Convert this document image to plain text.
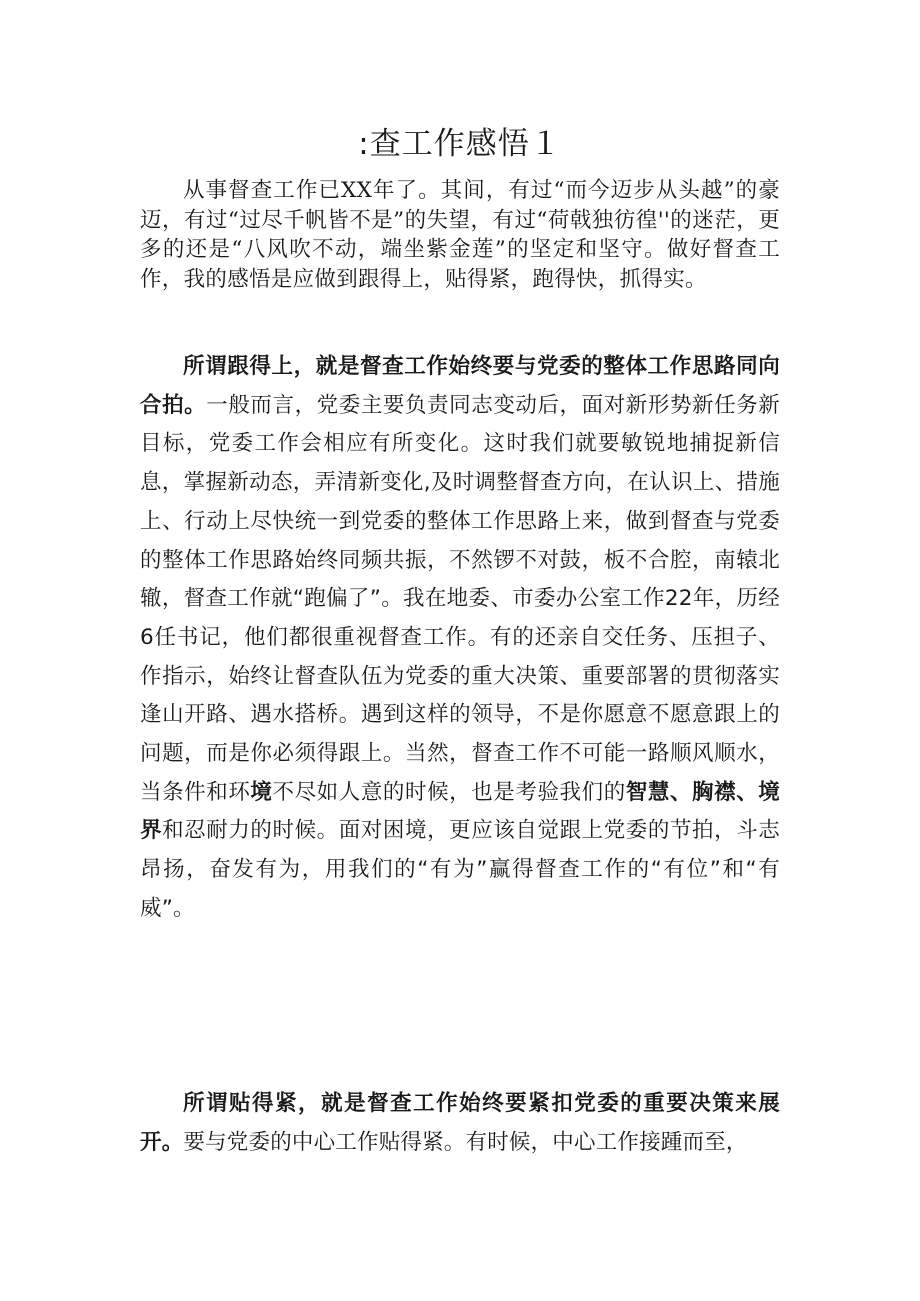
:查工作感悟１

从事督查工作已XX年了。其间，有过“而今迈步从头越”的豪迈，有过“过尽千帆皆不是”的失望，有过“荷戟独彷徨''的迷茫，更多的还是“八风吹不动，端坐紫金莲”的坚定和坚守。做好督查工作，我的感悟是应做到跟得上，贴得紧，跑得快，抓得实。

所谓跟得上，就是督查工作始终要与党委的整体工作思路同向合拍。一般而言，党委主要负责同志变动后，面对新形势新任务新目标，党委工作会相应有所变化。这时我们就要敏锐地捕捉新信息，掌握新动态，弄清新变化,及时调整督查方向，在认识上、措施上、行动上尽快统一到党委的整体工作思路上来，做到督查与党委的整体工作思路始终同频共振，不然锣不对鼓，板不合腔，南辕北辙，督查工作就“跑偏了”。我在地委、市委办公室工作22年，历经6任书记，他们都很重视督查工作。有的还亲自交任务、压担子、作指示，始终让督查队伍为党委的重大决策、重要部署的贯彻落实逢山开路、遇水搭桥。遇到这样的领导，不是你愿意不愿意跟上的问题，而是你必须得跟上。当然，督查工作不可能一路顺风顺水，当条件和环境不尽如人意的时候，也是考验我们的智慧、胸襟、境界和忍耐力的时候。面对困境，更应该自觉跟上党委的节拍，斗志昂扬，奋发有为，用我们的“有为”赢得督查工作的“有位”和“有威”。

所谓贴得紧，就是督查工作始终要紧扣党委的重要决策来展开。要与党委的中心工作贴得紧。有时候，中心工作接踵而至，
